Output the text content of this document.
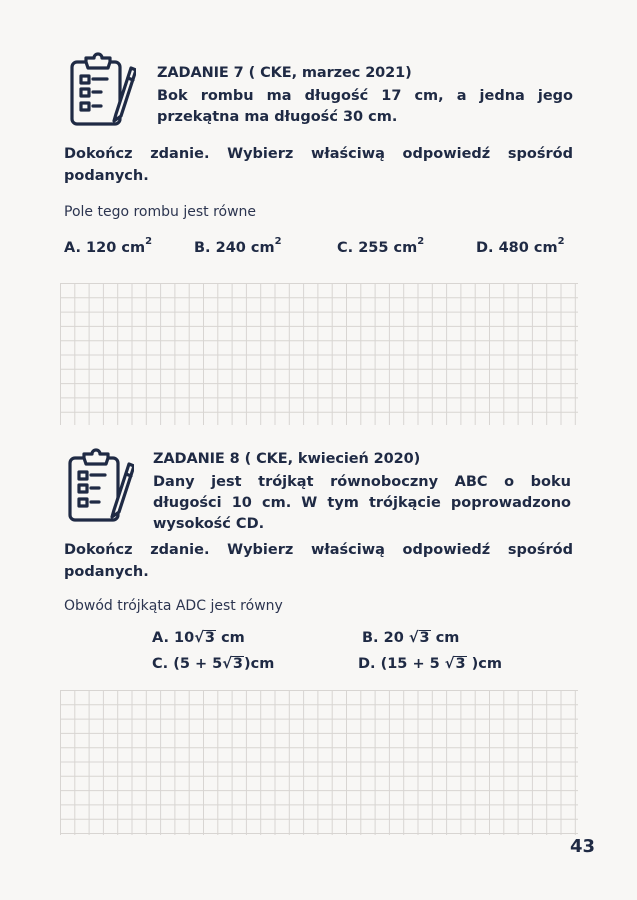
ZADANIE 7 ( CKE, marzec 2021)
Bok rombu ma długość 17 cm, a jedna jego przekątna ma długość 30 cm.
Dokończ zdanie. Wybierz właściwą odpowiedź spośród podanych.
Pole tego rombu jest równe
A. 120 $cm^2$	B. 240 $cm^2$	C. 255 $cm^2$	D. 480 $cm^2$
ZADANIE 8 ( CKE, kwiecień 2020)
Dany jest trójkąt równoboczny ABC o boku długości 10 cm. W tym trójkącie poprowadzono wysokość CD.
Dokończ zdanie. Wybierz właściwą odpowiedź spośród podanych.
Obwód trójkąta ADC jest równy
A. 10√3 cm	B. 20 √3 cm
C. (5 + 5√3)cm	D. (15 + 5 √3 )cm
43
